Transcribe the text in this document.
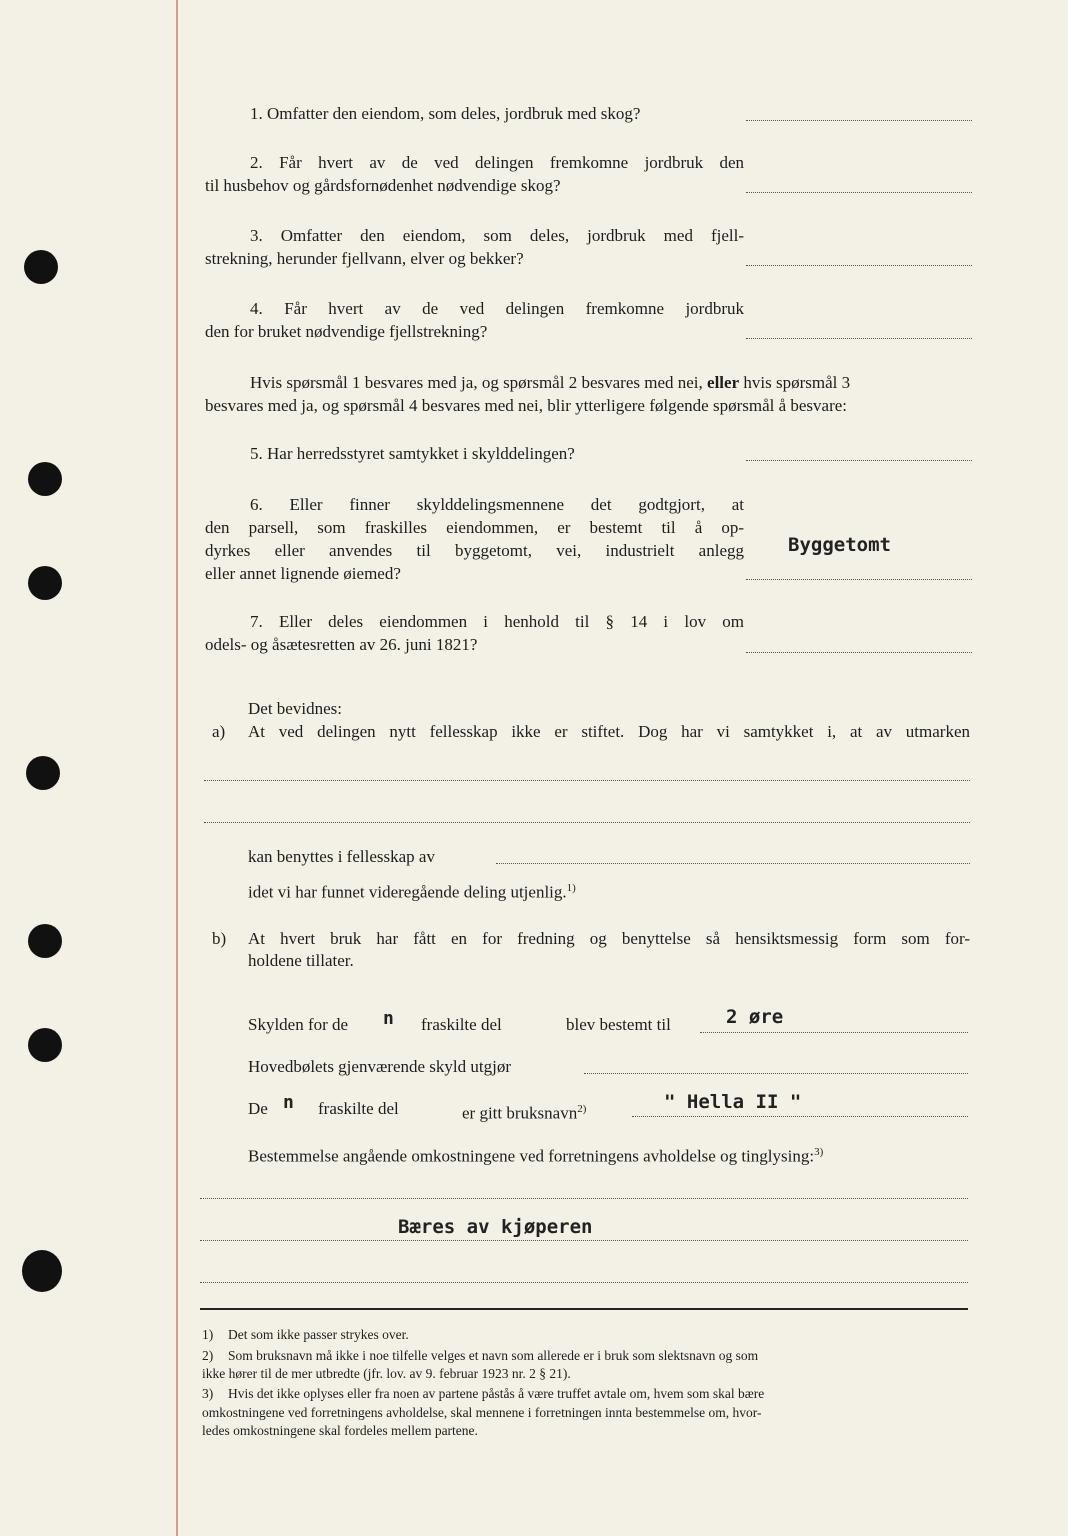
1. Omfatter den eiendom, som deles, jordbruk med skog?
2. Får hvert av de ved delingen fremkomne jordbruk den
til husbehov og gårdsfornødenhet nødvendige skog?
3. Omfatter den eiendom, som deles, jordbruk med fjell-
strekning, herunder fjellvann, elver og bekker?
4. Får hvert av de ved delingen fremkomne jordbruk
den for bruket nødvendige fjellstrekning?
Hvis spørsmål 1 besvares med ja, og spørsmål 2 besvares med nei, eller hvis spørsmål 3
besvares med ja, og spørsmål 4 besvares med nei, blir ytterligere følgende spørsmål å besvare:
5. Har herredsstyret samtykket i skylddelingen?
6. Eller finner skylddelingsmennene det godtgjort, at
den parsell, som fraskilles eiendommen, er bestemt til å op-
dyrkes eller anvendes til byggetomt, vei, industrielt anlegg
eller annet lignende øiemed?
Byggetomt
7. Eller deles eiendommen i henhold til § 14 i lov om
odels- og åsætesretten av 26. juni 1821?
Det bevidnes:
a) At ved delingen nytt fellesskap ikke er stiftet. Dog har vi samtykket i, at av utmarken
kan benyttes i fellesskap av
idet vi har funnet videregående deling utjenlig.$^{1)}$
b) At hvert bruk har fått en for fredning og benyttelse så hensiktsmessig form som for-
holdene tillater.
Skylden for de n fraskilte del	blev bestemt til	2 øre
Hovedbølets gjenværende skyld utgjør
De n fraskilte del	er gitt bruksnavn$^{2)}$	" Hella II "
Bestemmelse angående omkostningene ved forretningens avholdelse og tinglysing:$^{3)}$
Bæres av kjøperen
1) Det som ikke passer strykes over.
2) Som bruksnavn må ikke i noe tilfelle velges et navn som allerede er i bruk som slektsnavn og som
ikke hører til de mer utbredte (jfr. lov. av 9. februar 1923 nr. 2 § 21).
3) Hvis det ikke oplyses eller fra noen av partene påstås å være truffet avtale om, hvem som skal bære
omkostningene ved forretningens avholdelse, skal mennene i forretningen innta bestemmelse om, hvor-
ledes omkostningene skal fordeles mellem partene.
